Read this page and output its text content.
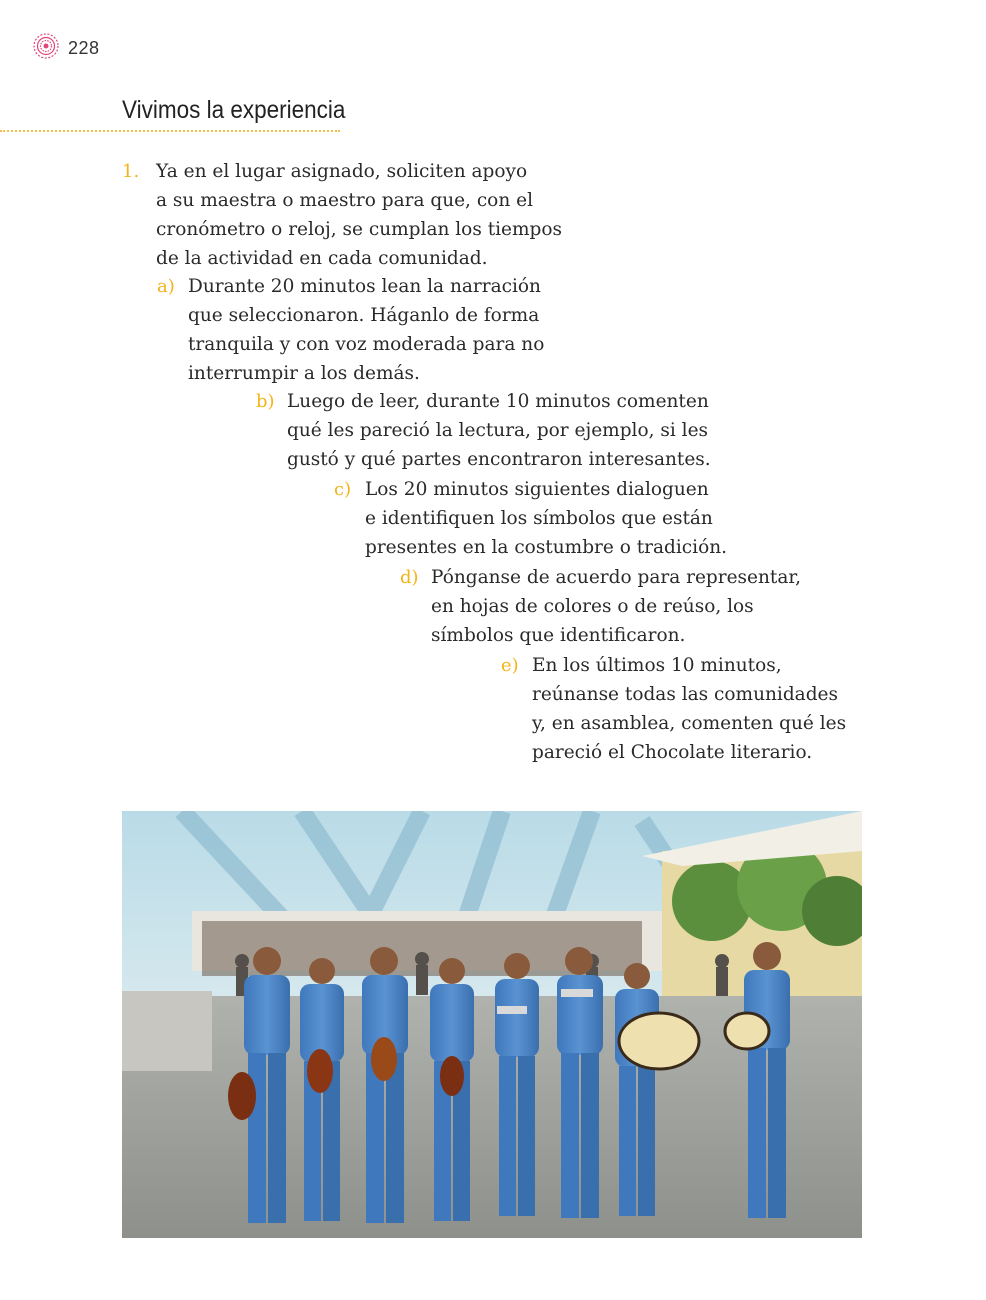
228
Vivimos la experiencia
1. Ya en el lugar asignado, soliciten apoyo
a su maestra o maestro para que, con el
cronómetro o reloj, se cumplan los tiempos
de la actividad en cada comunidad.
a) Durante 20 minutos lean la narración
que seleccionaron. Háganlo de forma
tranquila y con voz moderada para no
interrumpir a los demás.
b) Luego de leer, durante 10 minutos comenten
qué les pareció la lectura, por ejemplo, si les
gustó y qué partes encontraron interesantes.
c) Los 20 minutos siguientes dialoguen
e identifiquen los símbolos que están
presentes en la costumbre o tradición.
d) Pónganse de acuerdo para representar,
en hojas de colores o de reúso, los
símbolos que identificaron.
e) En los últimos 10 minutos,
reúnanse todas las comunidades
y, en asamblea, comenten qué les
pareció el Chocolate literario.
